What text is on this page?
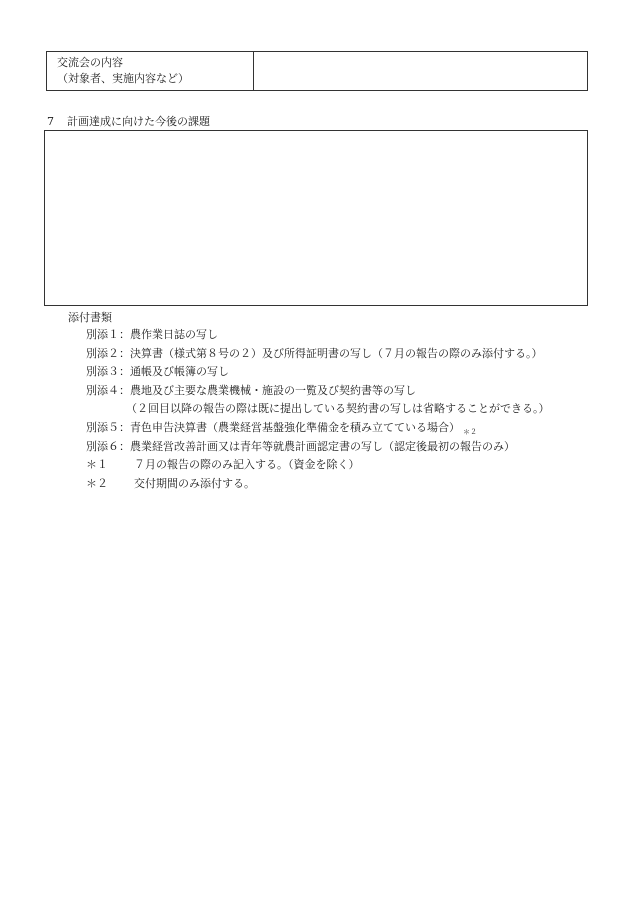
交流会の内容
（対象者、実施内容など）
7 計画達成に向けた今後の課題
添付書類
別添１：農作業日誌の写し
別添２：決算書（様式第８号の２）及び所得証明書の写し（７月の報告の際のみ添付する。）
別添３：通帳及び帳簿の写し
別添４：農地及び主要な農業機械・施設の一覧及び契約書等の写し
（２回目以降の報告の際は既に提出している契約書の写しは省略することができる。）
別添５：青色申告決算書（農業経営基盤強化準備金を積み立てている場合） $_{*2}$
別添６：農業経営改善計画又は青年等就農計画認定書の写し（認定後最初の報告のみ）
＊１ ７月の報告の際のみ記入する。（資金を除く）
＊２ 交付期間のみ添付する。
